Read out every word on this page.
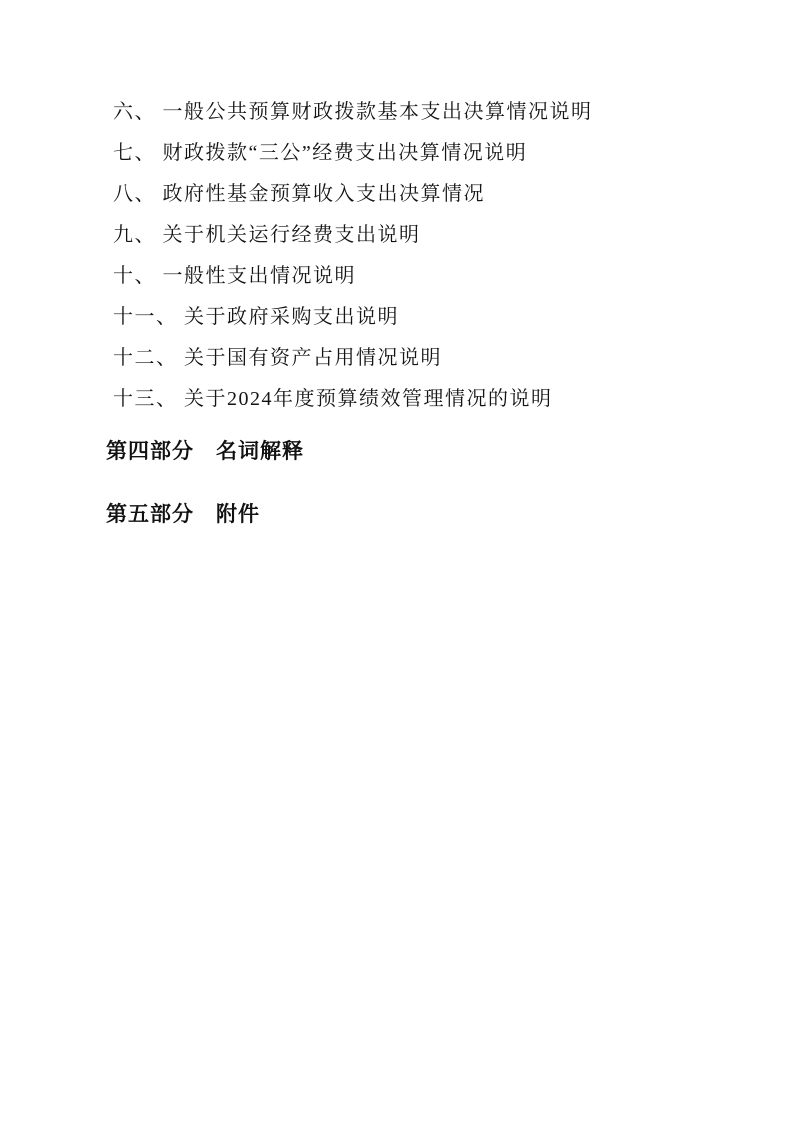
六、 一般公共预算财政拨款基本支出决算情况说明

七、 财政拨款“三公”经费支出决算情况说明

八、 政府性基金预算收入支出决算情况

九、 关于机关运行经费支出说明

十、 一般性支出情况说明

十一、 关于政府采购支出说明

十二、 关于国有资产占用情况说明

十三、 关于2024年度预算绩效管理情况的说明

第四部分　名词解释

第五部分　附件
